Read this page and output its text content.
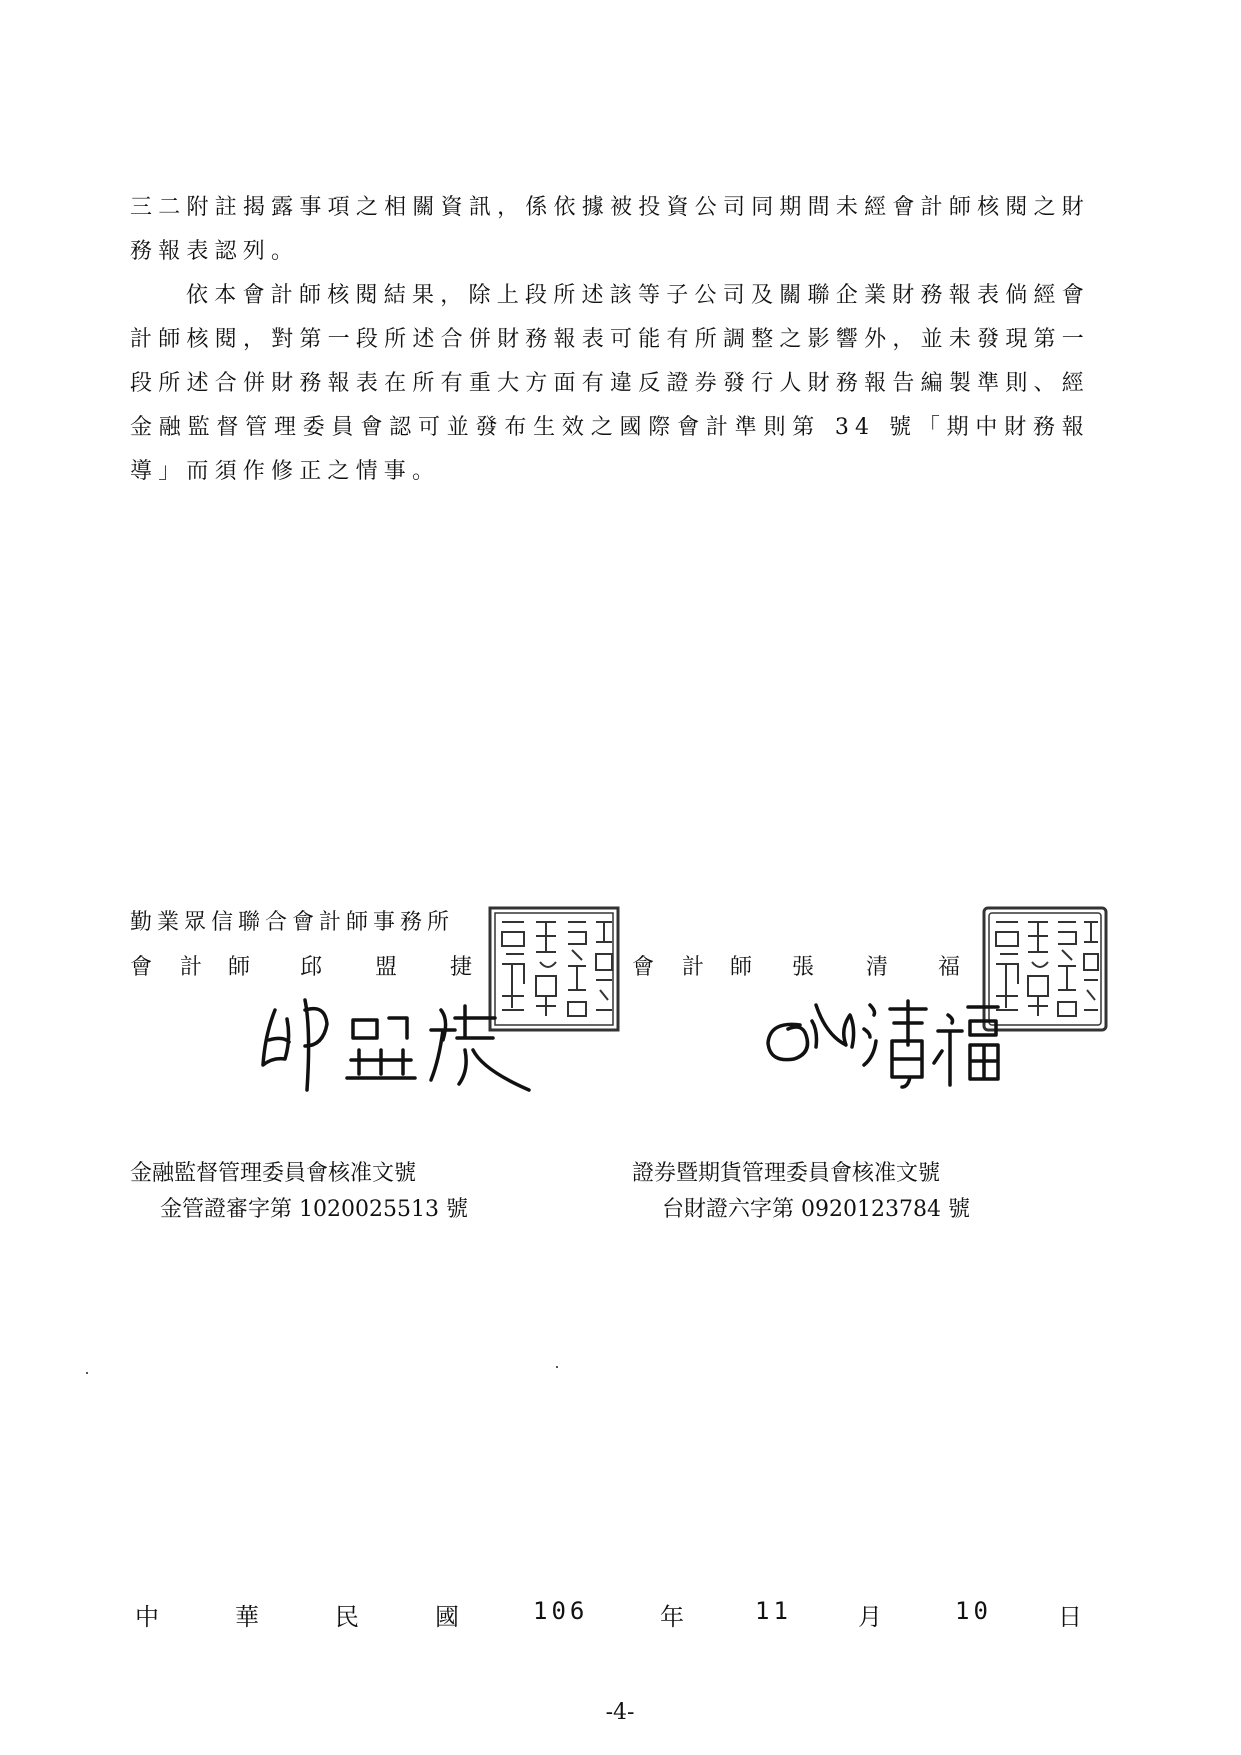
三二附註揭露事項之相關資訊，係依據被投資公司同期間未經會計師核閱之財務報表認列。

依本會計師核閱結果，除上段所述該等子公司及關聯企業財務報表倘經會計師核閱，對第一段所述合併財務報表可能有所調整之影響外，並未發現第一段所述合併財務報表在所有重大方面有違反證券發行人財務報告編製準則、經金融監督管理委員會認可並發布生效之國際會計準則第 34 號「期中財務報導」而須作修正之情事。

勤業眾信聯合會計師事務所
會 計 師 邱 盟 捷	會 計 師 張 清 福
金融監督管理委員會核准文號
金管證審字第 1020025513 號
證券暨期貨管理委員會核准文號
台財證六字第 0920123784 號
中	華	民	國	106	年	11	月	10	日
-4-
